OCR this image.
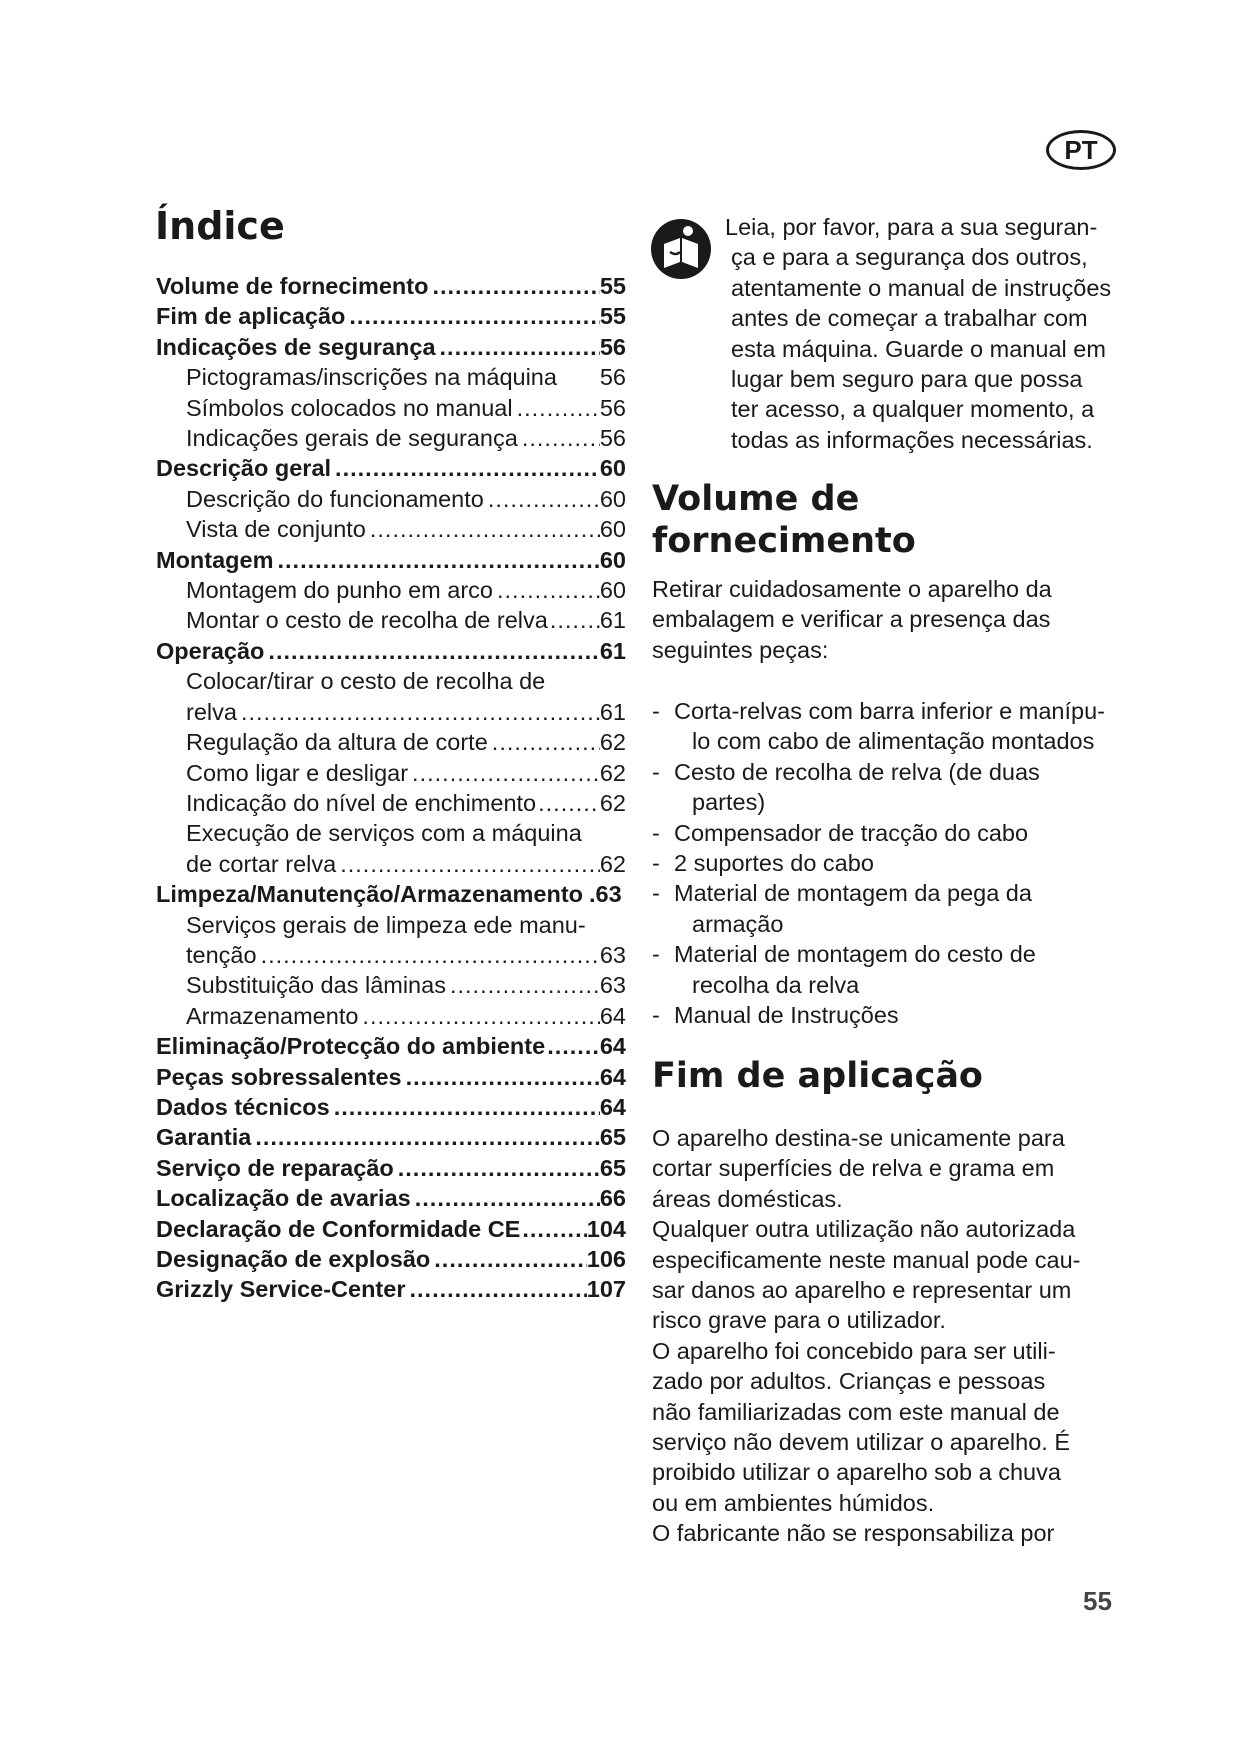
PT
Índice
Volume de fornecimento .....	55
Fim de aplicação .....	55
Indicações de segurança .....	56
Pictogramas/inscrições na máquina 56
Símbolos colocados no manual .....	56
Indicações gerais de segurança .....	56
Descrição geral .....	60
Descrição do funcionamento .....	60
Vista de conjunto .....	60
Montagem .....	60
Montagem do punho em arco .....	60
Montar o cesto de recolha de relva ..... 61
Operação .....	61
Colocar/tirar o cesto de recolha de
relva .....	61
Regulação da altura de corte .....	62
Como ligar e desligar .....	62
Indicação do nível de enchimento .....	62
Execução de serviços com a máquina
de cortar relva .....	62
Limpeza/Manutenção/Armazenamento .63
Serviços gerais de limpeza ede manu-
tenção .....	63
Substituição das lâminas .....	63
Armazenamento .....	64
Eliminação/Protecção do ambiente ..... 64
Peças sobressalentes .....	64
Dados técnicos .....	64
Garantia .....	65
Serviço de reparação .....	65
Localização de avarias .....	66
Declaração de Conformidade CE .....	104
Designação de explosão .....	106
Grizzly Service-Center .....	107

Leia, por favor, para a sua seguran-
ça e para a segurança dos outros,
atentamente o manual de instruções
antes de começar a trabalhar com
esta máquina. Guarde o manual em
lugar bem seguro para que possa
ter acesso, a qualquer momento, a
todas as informações necessárias.

Volume de
fornecimento

Retirar cuidadosamente o aparelho da
embalagem e verificar a presença das
seguintes peças:

- Corta-relvas com barra inferior e manípu-
lo com cabo de alimentação montados
- Cesto de recolha de relva (de duas
partes)
- Compensador de tracção do cabo
- 2 suportes do cabo
- Material de montagem da pega da
armação
- Material de montagem do cesto de
recolha da relva
- Manual de Instruções
Fim de aplicação

O aparelho destina-se unicamente para
cortar superfícies de relva e grama em
áreas domésticas.
Qualquer outra utilização não autorizada
especificamente neste manual pode cau-
sar danos ao aparelho e representar um
risco grave para o utilizador.
O aparelho foi concebido para ser utili-
zado por adultos. Crianças e pessoas
não familiarizadas com este manual de
serviço não devem utilizar o aparelho. É
proibido utilizar o aparelho sob a chuva
ou em ambientes húmidos.
O fabricante não se responsabiliza por

55
